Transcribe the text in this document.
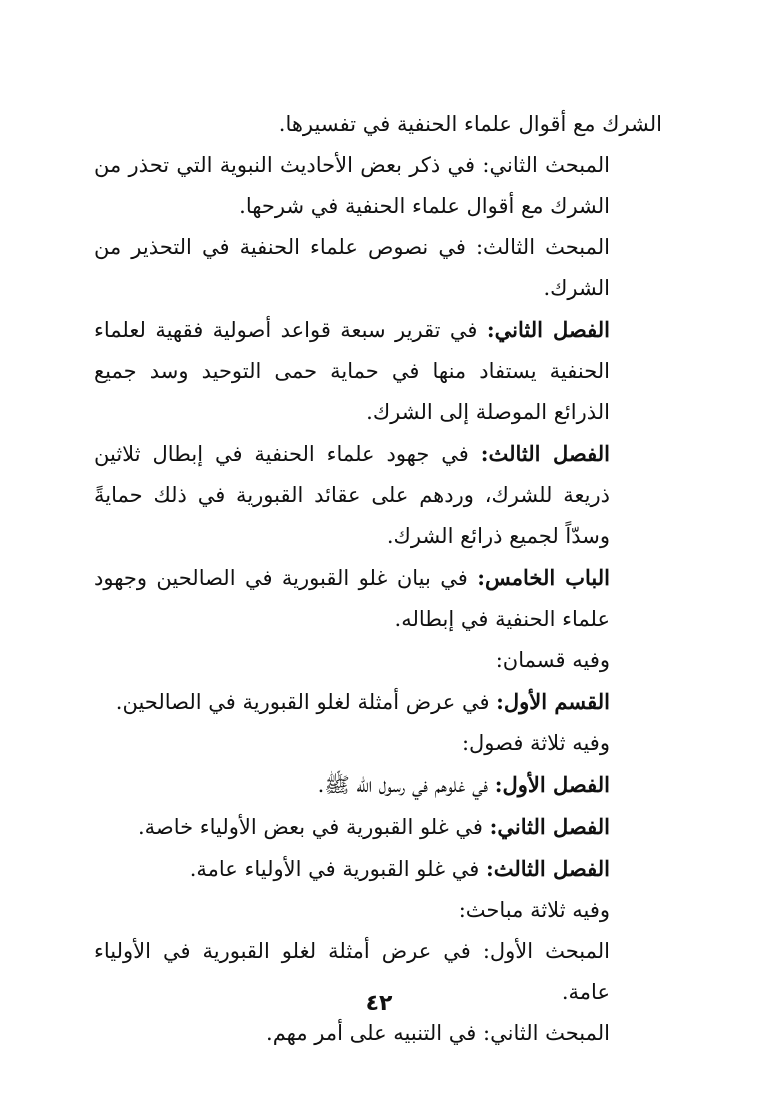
الشرك مع أقوال علماء الحنفية في تفسيرها.

المبحث الثاني: في ذكر بعض الأحاديث النبوية التي تحذر من الشرك مع أقوال علماء الحنفية في شرحها.

المبحث الثالث: في نصوص علماء الحنفية في التحذير من الشرك.

الفصل الثاني: في تقرير سبعة قواعد أصولية فقهية لعلماء الحنفية يستفاد منها في حماية حمى التوحيد وسد جميع الذرائع الموصلة إلى الشرك.

الفصل الثالث: في جهود علماء الحنفية في إبطال ثلاثين ذريعة للشرك، وردهم على عقائد القبورية في ذلك حمايةً وسدّاً لجميع ذرائع الشرك.

الباب الخامس: في بيان غلو القبورية في الصالحين وجهود علماء الحنفية في إبطاله.

وفيه قسمان:

القسم الأول: في عرض أمثلة لغلو القبورية في الصالحين.

وفيه ثلاثة فصول:

الفصل الأول: في غلوهم في رسول الله ﷺ.

الفصل الثاني: في غلو القبورية في بعض الأولياء خاصة.

الفصل الثالث: في غلو القبورية في الأولياء عامة.

وفيه ثلاثة مباحث:

المبحث الأول: في عرض أمثلة لغلو القبورية في الأولياء عامة.

المبحث الثاني: في التنبيه على أمر مهم.

٤٢
